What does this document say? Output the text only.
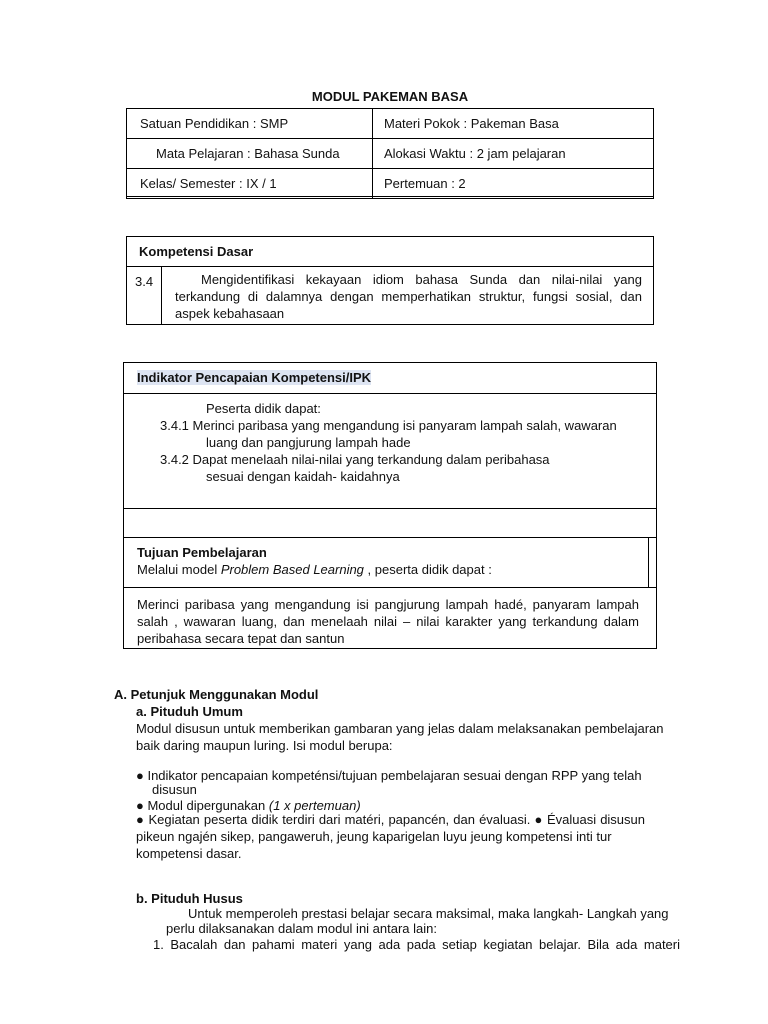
MODUL PAKEMAN BASA
Satuan Pendidikan : SMP	Materi Pokok : Pakeman Basa
Mata Pelajaran : Bahasa Sunda	Alokasi Waktu : 2 jam pelajaran
Kelas/ Semester : IX / 1	Pertemuan : 2
Kompetensi Dasar
3.4	Mengidentifikasi kekayaan idiom bahasa Sunda dan nilai-nilai yang
terkandung di dalamnya dengan memperhatikan struktur, fungsi sosial, dan
aspek kebahasaan
Indikator Pencapaian Kompetensi/IPK
Peserta didik dapat:
3.4.1 Merinci paribasa yang mengandung isi panyaram lampah salah, wawaran
luang dan pangjurung lampah hade
3.4.2 Dapat menelaah nilai-nilai yang terkandung dalam peribahasa
sesuai dengan kaidah- kaidahnya
Tujuan Pembelajaran
Melalui model Problem Based Learning , peserta didik dapat :
Merinci paribasa yang mengandung isi pangjurung lampah hadé, panyaram lampah
salah , wawaran luang, dan menelaah nilai – nilai karakter yang terkandung dalam
peribahasa secara tepat dan santun
A. Petunjuk Menggunakan Modul
a. Pituduh Umum
Modul disusun untuk memberikan gambaran yang jelas dalam melaksanakan pembelajaran
baik daring maupun luring. Isi modul berupa:
● Indikator pencapaian kompeténsi/tujuan pembelajaran sesuai dengan RPP yang telah
disusun
● Modul dipergunakan (1 x pertemuan)
● Kegiatan peserta didik terdiri dari matéri, papancén, dan évaluasi. ● Évaluasi disusun
pikeun ngajén sikep, pangaweruh, jeung kaparigelan luyu jeung kompetensi inti tur
kompetensi dasar.
b. Pituduh Husus
Untuk memperoleh prestasi belajar secara maksimal, maka langkah- Langkah yang
perlu dilaksanakan dalam modul ini antara lain:
1. Bacalah dan pahami materi yang ada pada setiap kegiatan belajar. Bila ada materi
